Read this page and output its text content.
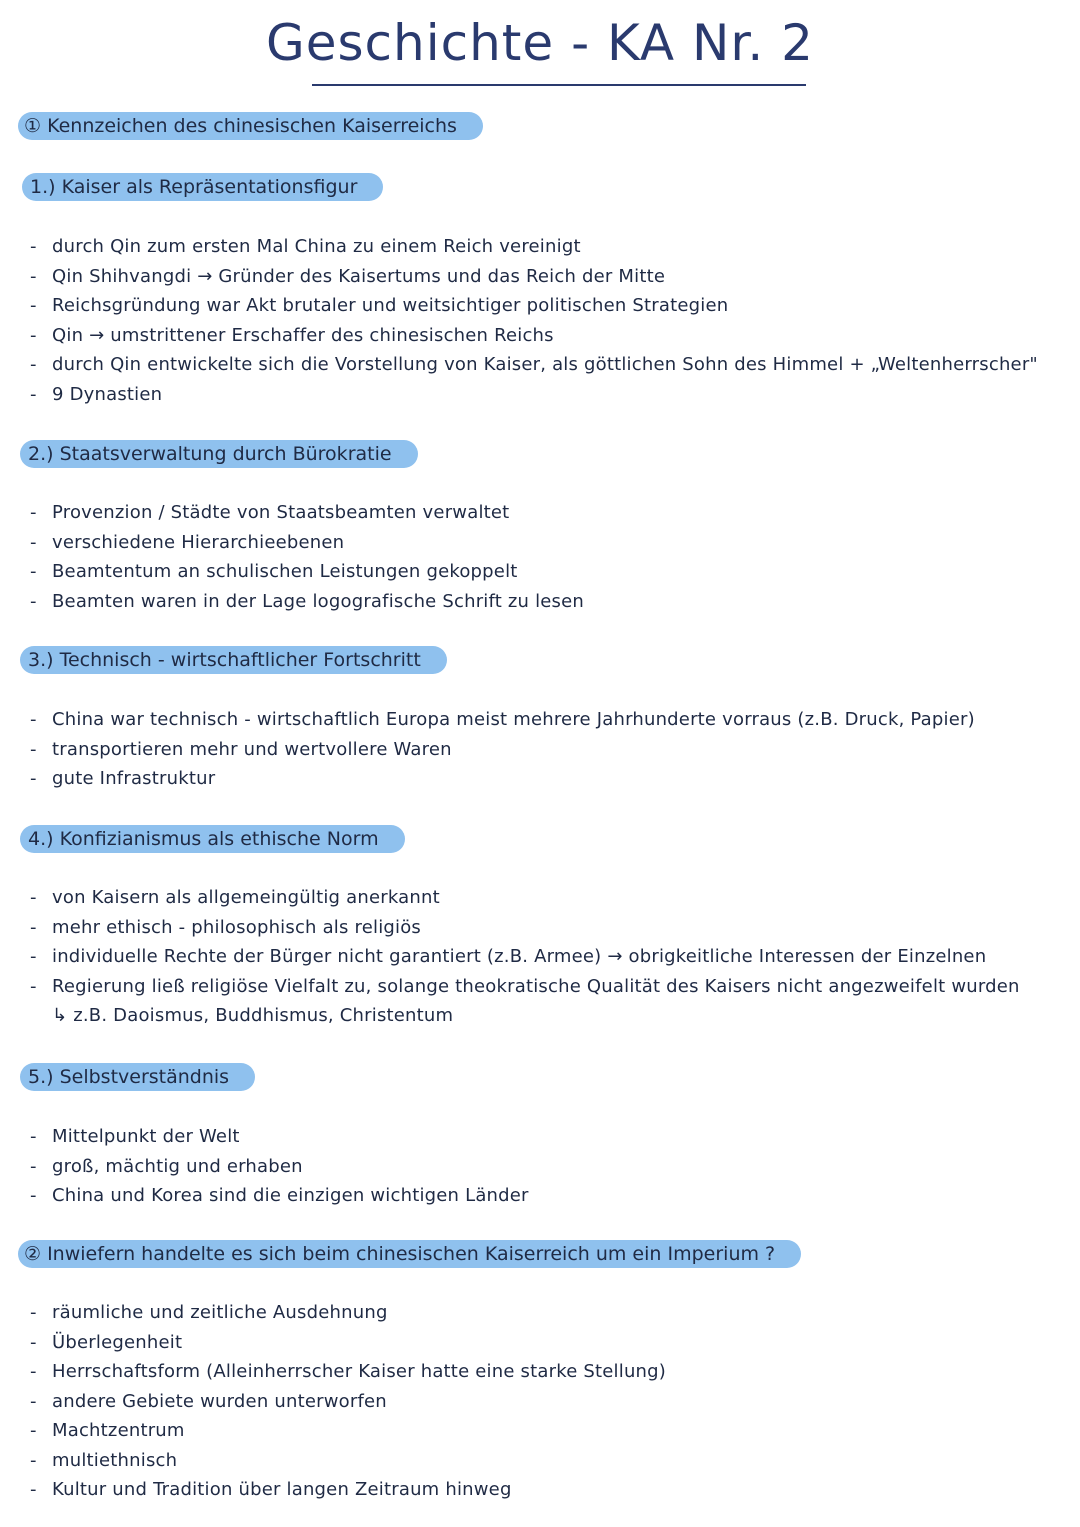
Geschichte - KA Nr. 2
① Kennzeichen des chinesischen Kaiserreichs
1.) Kaiser als Repräsentationsfigur
- durch Qin zum ersten Mal China zu einem Reich vereinigt
- Qin Shihvangdi → Gründer des Kaisertums und das Reich der Mitte
- Reichsgründung war Akt brutaler und weitsichtiger politischen Strategien
- Qin → umstrittener Erschaffer des chinesischen Reichs
- durch Qin entwickelte sich die Vorstellung von Kaiser, als göttlichen Sohn des Himmel + „Weltenherrscher"
- 9 Dynastien
2.) Staatsverwaltung durch Bürokratie
- Provenzion / Städte von Staatsbeamten verwaltet
- verschiedene Hierarchieebenen
- Beamtentum an schulischen Leistungen gekoppelt
- Beamten waren in der Lage logografische Schrift zu lesen
3.) Technisch - wirtschaftlicher Fortschritt
- China war technisch - wirtschaftlich Europa meist mehrere Jahrhunderte vorraus (z.B. Druck, Papier)
- transportieren mehr und wertvollere Waren
- gute Infrastruktur
4.) Konfizianismus als ethische Norm
- von Kaisern als allgemeingültig anerkannt
- mehr ethisch - philosophisch als religiös
- individuelle Rechte der Bürger nicht garantiert (z.B. Armee) → obrigkeitliche Interessen der Einzelnen
- Regierung ließ religiöse Vielfalt zu, solange theokratische Qualität des Kaisers nicht angezweifelt wurden
↳ z.B. Daoismus, Buddhismus, Christentum
5.) Selbstverständnis
- Mittelpunkt der Welt
- groß, mächtig und erhaben
- China und Korea sind die einzigen wichtigen Länder
② Inwiefern handelte es sich beim chinesischen Kaiserreich um ein Imperium ?
- räumliche und zeitliche Ausdehnung
- Überlegenheit
- Herrschaftsform (Alleinherrscher Kaiser hatte eine starke Stellung)
- andere Gebiete wurden unterworfen
- Machtzentrum
- multiethnisch
- Kultur und Tradition über langen Zeitraum hinweg
